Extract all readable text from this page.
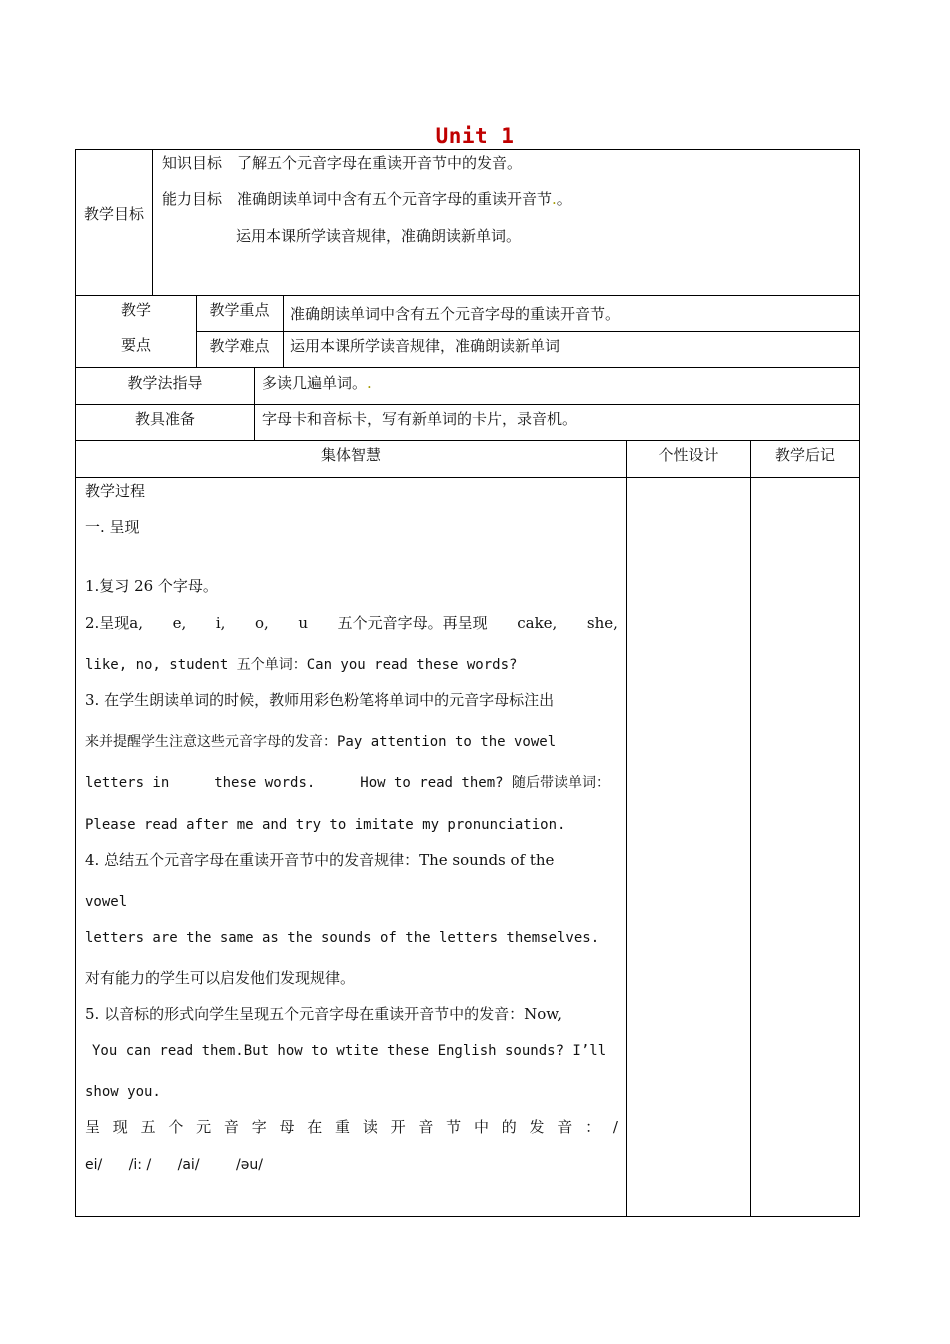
Unit 1
教学目标
知识目标　了解五个元音字母在重读开音节中的发音。
能力目标　准确朗读单词中含有五个元音字母的重读开音节.。
运用本课所学读音规律，准确朗读新单词。
教学
要点
教学重点	准确朗读单词中含有五个元音字母的重读开音节。
教学难点	运用本课所学读音规律，准确朗读新单词
教学法指导	多读几遍单词。.
教具准备	字母卡和音标卡，写有新单词的卡片，录音机。
集体智慧	个性设计	教学后记
教学过程
一. 呈现
1.复习 26 个字母。
2.呈现a, e, i, o, u 五个元音字母。再呈现 cake, she,
like, no, student 五个单词：Can you read these words?
3. 在学生朗读单词的时候，教师用彩色粉笔将单词中的元音字母标注出
来并提醒学生注意这些元音字母的发音：Pay attention to the vowel
letters in	these words.	How to read them? 随后带读单词：
Please read after me and try to imitate my pronunciation.
4. 总结五个元音字母在重读开音节中的发音规律：The sounds of the
vowel
letters are the same as the sounds of the letters themselves.
对有能力的学生可以启发他们发现规律。
5. 以音标的形式向学生呈现五个元音字母在重读开音节中的发音：Now,
You can read them.But how to wtite these English sounds? I’ll
show you.
呈 现 五 个 元 音 字 母 在 重 读 开 音 节 中 的 发 音 ： /
ei/ /i: / /ai/	/əu/
